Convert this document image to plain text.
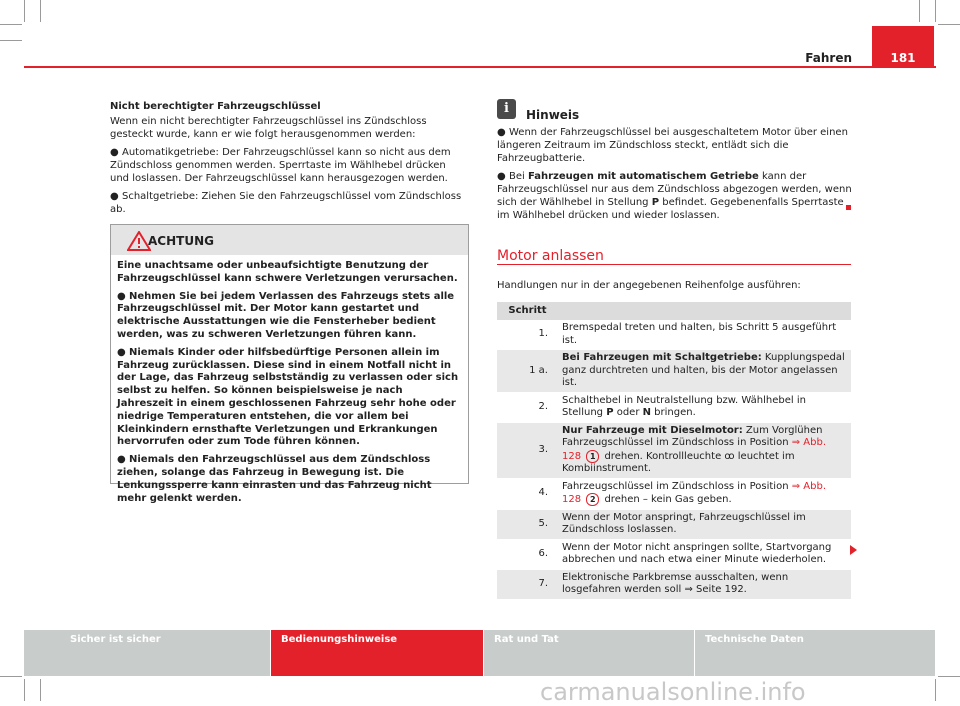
181
Fahren

Nicht berechtigter Fahrzeugschlüssel

Wenn ein nicht berechtigter Fahrzeugschlüssel ins Zündschloss gesteckt wurde, kann er wie folgt herausgenommen werden:

● Automatikgetriebe: Der Fahrzeugschlüssel kann so nicht aus dem Zündschloss genommen werden. Sperrtaste im Wählhebel drücken und loslassen. Der Fahrzeugschlüssel kann herausgezogen werden.

● Schaltgetriebe: Ziehen Sie den Fahrzeugschlüssel vom Zündschloss ab.

ACHTUNG

Eine unachtsame oder unbeaufsichtigte Benutzung der Fahrzeugschlüssel kann schwere Verletzungen verursachen.

● Nehmen Sie bei jedem Verlassen des Fahrzeugs stets alle Fahrzeugschlüssel mit. Der Motor kann gestartet und elektrische Ausstattungen wie die Fensterheber bedient werden, was zu schweren Verletzungen führen kann.

● Niemals Kinder oder hilfsbedürftige Personen allein im Fahrzeug zurücklassen. Diese sind in einem Notfall nicht in der Lage, das Fahrzeug selbstständig zu verlassen oder sich selbst zu helfen. So können beispielsweise je nach Jahreszeit in einem geschlossenen Fahrzeug sehr hohe oder niedrige Temperaturen entstehen, die vor allem bei Kleinkindern ernsthafte Verletzungen und Erkrankungen hervorrufen oder zum Tode führen können.

● Niemals den Fahrzeugschlüssel aus dem Zündschloss ziehen, solange das Fahrzeug in Bewegung ist. Die Lenkungssperre kann einrasten und das Fahrzeug nicht mehr gelenkt werden.

i	Hinweis

● Wenn der Fahrzeugschlüssel bei ausgeschaltetem Motor über einen längeren Zeitraum im Zündschloss steckt, entlädt sich die Fahrzeugbatterie.

● Bei Fahrzeugen mit automatischem Getriebe kann der Fahrzeugschlüssel nur aus dem Zündschloss abgezogen werden, wenn sich der Wählhebel in Stellung P befindet. Gegebenenfalls Sperrtaste im Wählhebel drücken und wieder loslassen.

Motor anlassen

Handlungen nur in der angegebenen Reihenfolge ausführen:

Schritt	
1.	Bremspedal treten und halten, bis Schritt 5 ausgeführt ist.
1 a.	Bei Fahrzeugen mit Schaltgetriebe: Kupplungspedal ganz durchtreten und halten, bis der Motor angelassen ist.
2.	Schalthebel in Neutralstellung bzw. Wählhebel in Stellung P oder N bringen.
3.	Nur Fahrzeuge mit Dieselmotor: Zum Vorglühen Fahrzeugschlüssel im Zündschloss in Position ⇒ Abb. 128 1 drehen. Kontrollleuchte ꝏ leuchtet im Kombiinstrument.
4.	Fahrzeugschlüssel im Zündschloss in Position ⇒ Abb. 128 2 drehen – kein Gas geben.
5.	Wenn der Motor anspringt, Fahrzeugschlüssel im Zündschloss loslassen.
6.	Wenn der Motor nicht anspringen sollte, Startvorgang abbrechen und nach etwa einer Minute wiederholen.
7.	Elektronische Parkbremse ausschalten, wenn losgefahren werden soll ⇒ Seite 192.
Sicher ist sicher	Bedienungshinweise	Rat und Tat	Technische Daten
carmanualsonline.info
